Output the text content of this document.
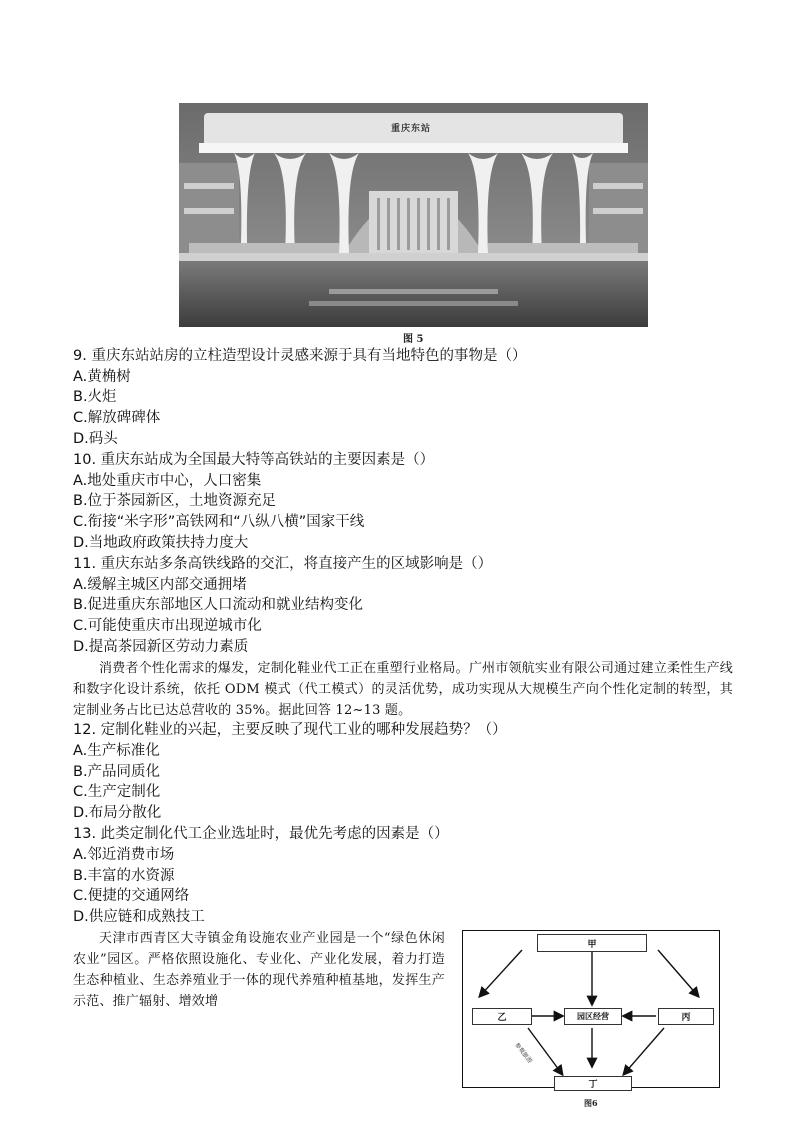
重庆东站
图 5
9. 重庆东站站房的立柱造型设计灵感来源于具有当地特色的事物是（）
A.黄桷树
B.火炬
C.解放碑碑体
D.码头
10. 重庆东站成为全国最大特等高铁站的主要因素是（）
A.地处重庆市中心，人口密集
B.位于茶园新区，土地资源充足
C.衔接“米字形”高铁网和“八纵八横”国家干线
D.当地政府政策扶持力度大
11. 重庆东站多条高铁线路的交汇，将直接产生的区域影响是（）
A.缓解主城区内部交通拥堵
B.促进重庆东部地区人口流动和就业结构变化
C.可能使重庆市出现逆城市化
D.提高茶园新区劳动力素质
消费者个性化需求的爆发，定制化鞋业代工正在重塑行业格局。广州市领航实业有限公司通过建立柔性生产线和数字化设计系统，依托 ODM 模式（代工模式）的灵活优势，成功实现从大规模生产向个性化定制的转型，其定制业务占比已达总营收的 35%。据此回答 12~13 题。
12. 定制化鞋业的兴起，主要反映了现代工业的哪种发展趋势？（）
A.生产标准化
B.产品同质化
C.生产定制化
D.布局分散化
13. 此类定制化代工企业选址时，最优先考虑的因素是（）
A.邻近消费市场
B.丰富的水资源
C.便捷的交通网络
D.供应链和成熟技工
天津市西青区大寺镇金角设施农业产业园是一个“绿色休闲农业”园区。严格依照设施化、专业化、产业化发展，着力打造生态种植业、生态养殖业于一体的现代养殖种植基地，发挥生产示范、推广辐射、增效增
甲
乙	园区经营	丙
丁
参观旅游
图6
